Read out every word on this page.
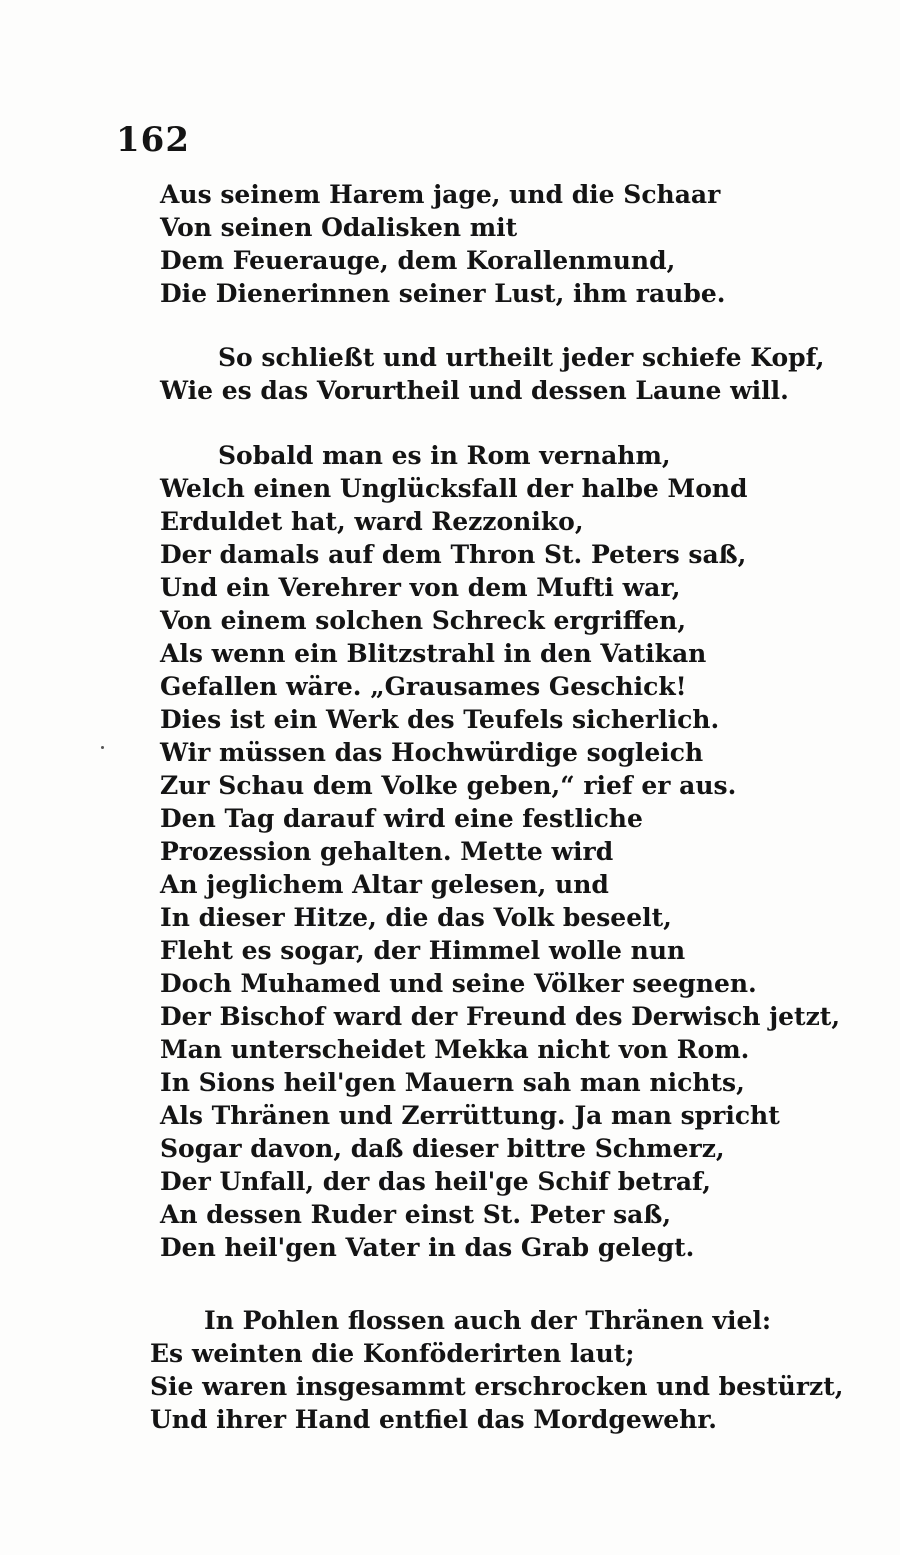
162
Aus seinem Harem jage, und die Schaar
Von seinen Odalisken mit
Dem Feuerauge, dem Korallenmund,
Die Dienerinnen seiner Lust, ihm raube.
So schließt und urtheilt jeder schiefe Kopf,
Wie es das Vorurtheil und dessen Laune will.
Sobald man es in Rom vernahm,
Welch einen Unglücksfall der halbe Mond
Erduldet hat, ward Rezzoniko,
Der damals auf dem Thron St. Peters saß,
Und ein Verehrer von dem Mufti war,
Von einem solchen Schreck ergriffen,
Als wenn ein Blitzstrahl in den Vatikan
Gefallen wäre. „Grausames Geschick!
Dies ist ein Werk des Teufels sicherlich.
Wir müssen das Hochwürdige sogleich
Zur Schau dem Volke geben,“ rief er aus.
Den Tag darauf wird eine festliche
Prozession gehalten. Mette wird
An jeglichem Altar gelesen, und
In dieser Hitze, die das Volk beseelt,
Fleht es sogar, der Himmel wolle nun
Doch Muhamed und seine Völker seegnen.
Der Bischof ward der Freund des Derwisch jetzt,
Man unterscheidet Mekka nicht von Rom.
In Sions heil'gen Mauern sah man nichts,
Als Thränen und Zerrüttung. Ja man spricht
Sogar davon, daß dieser bittre Schmerz,
Der Unfall, der das heil'ge Schif betraf,
An dessen Ruder einst St. Peter saß,
Den heil'gen Vater in das Grab gelegt.
In Pohlen flossen auch der Thränen viel:
Es weinten die Konföderirten laut;
Sie waren insgesammt erschrocken und bestürzt,
Und ihrer Hand entfiel das Mordgewehr.
